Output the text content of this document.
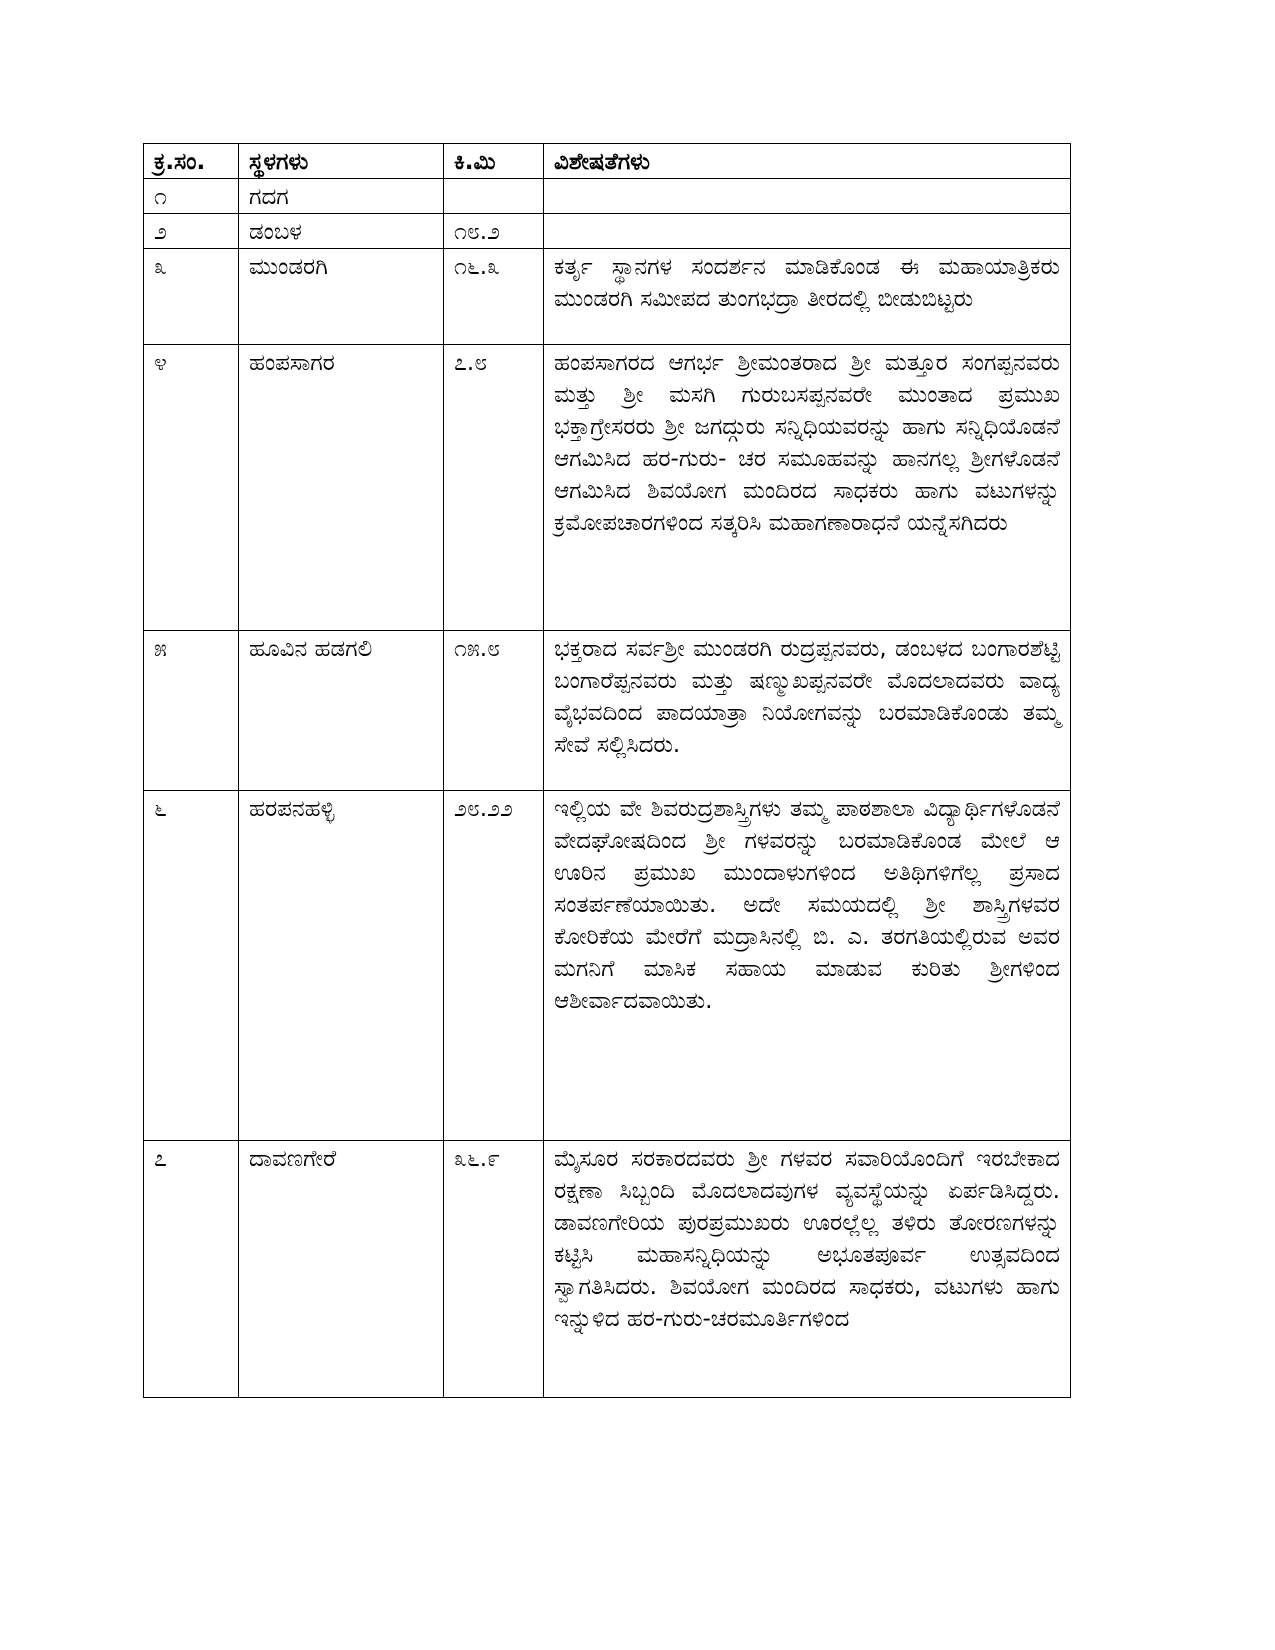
ಕ್ರ.ಸಂ.	ಸ್ಥಳಗಳು	ಕಿ.ಮಿ	ವಿಶೇಷತೆಗಳು
೧	ಗದಗ		
೨	ಡಂಬಳ	೧೮.೨	
೩	ಮುಂಡರಗಿ	೧೬.೩	ಕರ್ತೃ ಸ್ಥಾನಗಳ ಸಂದರ್ಶನ ಮಾಡಿಕೊಂಡ ಈ ಮಹಾಯಾತ್ರಿಕರು ಮುಂಡರಗಿ ಸಮೀಪದ ತುಂಗಭದ್ರಾ ತೀರದಲ್ಲಿ ಬೀಡುಬಿಟ್ಟರು
೪	ಹಂಪಸಾಗರ	೭.೮	ಹಂಪಸಾಗರದ ಆಗರ್ಭ ಶ್ರೀಮಂತರಾದ ಶ್ರೀ ಮತ್ತೂರ ಸಂಗಪ್ಪನವರು ಮತ್ತು ಶ್ರೀ ಮಸಗಿ ಗುರುಬಸಪ್ಪನವರೇ ಮುಂತಾದ ಪ್ರಮುಖ ಭಕ್ತಾಗ್ರೇಸರರು ಶ್ರೀ ಜಗದ್ಗುರು ಸನ್ನಿಧಿಯವರನ್ನು ಹಾಗು ಸನ್ನಿಧಿಯೊಡನೆ ಆಗಮಿಸಿದ ಹರ-ಗುರು- ಚರ ಸಮೂಹವನ್ನು ಹಾನಗಲ್ಲ ಶ್ರೀಗಳೊಡನೆ ಆಗಮಿಸಿದ ಶಿವಯೋಗ ಮಂದಿರದ ಸಾಧಕರು ಹಾಗು ವಟುಗಳನ್ನು ಕ್ರಮೋಪಚಾರಗಳಿಂದ ಸತ್ಕರಿಸಿ ಮಹಾಗಣಾರಾಧನೆ ಯನ್ನೆಸಗಿದರು
೫	ಹೂವಿನ ಹಡಗಲಿ	೧೫.೮	ಭಕ್ತರಾದ ಸರ್ವಶ್ರೀ ಮುಂಡರಗಿ ರುದ್ರಪ್ಪನವರು, ಡಂಬಳದ ಬಂಗಾರಶೆಟ್ಟಿ ಬಂಗಾರೆಪ್ಪನವರು ಮತ್ತು ಷಣ್ಮುಖಪ್ಪನವರೇ ಮೊದಲಾದವರು ವಾದ್ಯ ವೈಭವದಿಂದ ಪಾದಯಾತ್ರಾ ನಿಯೋಗವನ್ನು ಬರಮಾಡಿಕೊಂಡು ತಮ್ಮ ಸೇವೆ ಸಲ್ಲಿಸಿದರು.
೬	ಹರಪನಹಳ್ಳಿ	೨೮.೨೨	ಇಲ್ಲಿಯ ವೇ ಶಿವರುದ್ರಶಾಸ್ತ್ರಿಗಳು ತಮ್ಮ ಪಾಠಶಾಲಾ ವಿದ್ಯಾರ್ಥಿಗಳೊಡನೆ ವೇದಘೋಷದಿಂದ ಶ್ರೀ ಗಳವರನ್ನು ಬರಮಾಡಿಕೊಂಡ ಮೇಲೆ ಆ ಊರಿನ ಪ್ರಮುಖ ಮುಂದಾಳುಗಳಿಂದ ಅತಿಥಿಗಳಿಗೆಲ್ಲ ಪ್ರಸಾದ ಸಂತರ್ಪಣೆಯಾಯಿತು. ಅದೇ ಸಮಯದಲ್ಲಿ ಶ್ರೀ ಶಾಸ್ತ್ರಿಗಳವರ ಕೋರಿಕೆಯ ಮೇರೆಗೆ ಮದ್ರಾಸಿನಲ್ಲಿ ಬಿ. ಎ. ತರಗತಿಯಲ್ಲಿರುವ ಅವರ ಮಗನಿಗೆ ಮಾಸಿಕ ಸಹಾಯ ಮಾಡುವ ಕುರಿತು ಶ್ರೀಗಳಿಂದ ಆಶೀರ್ವಾದವಾಯಿತು.
೭	ದಾವಣಗೇರೆ	೩೬.೯	ಮೈಸೂರ ಸರಕಾರದವರು ಶ್ರೀ ಗಳವರ ಸವಾರಿಯೊಂದಿಗೆ ಇರಬೇಕಾದ ರಕ್ಷಣಾ ಸಿಬ್ಬಂದಿ ಮೊದಲಾದವುಗಳ ವ್ಯವಸ್ಥೆಯನ್ನು ಏರ್ಪಡಿಸಿದ್ದರು. ಡಾವಣಗೇರಿಯ ಪುರಪ್ರಮುಖರು ಊರಲ್ಲೆಲ್ಲ ತಳಿರು ತೋರಣಗಳನ್ನು ಕಟ್ಟಿಸಿ ಮಹಾಸನ್ನಿಧಿಯನ್ನು ಅಭೂತಪೂರ್ವ ಉತ್ಸವದಿಂದ ಸ್ವಾಗತಿಸಿದರು. ಶಿವಯೋಗ ಮಂದಿರದ ಸಾಧಕರು, ವಟುಗಳು ಹಾಗು ಇನ್ನುಳಿದ ಹರ-ಗುರು-ಚರಮೂರ್ತಿಗಳಿಂದ
